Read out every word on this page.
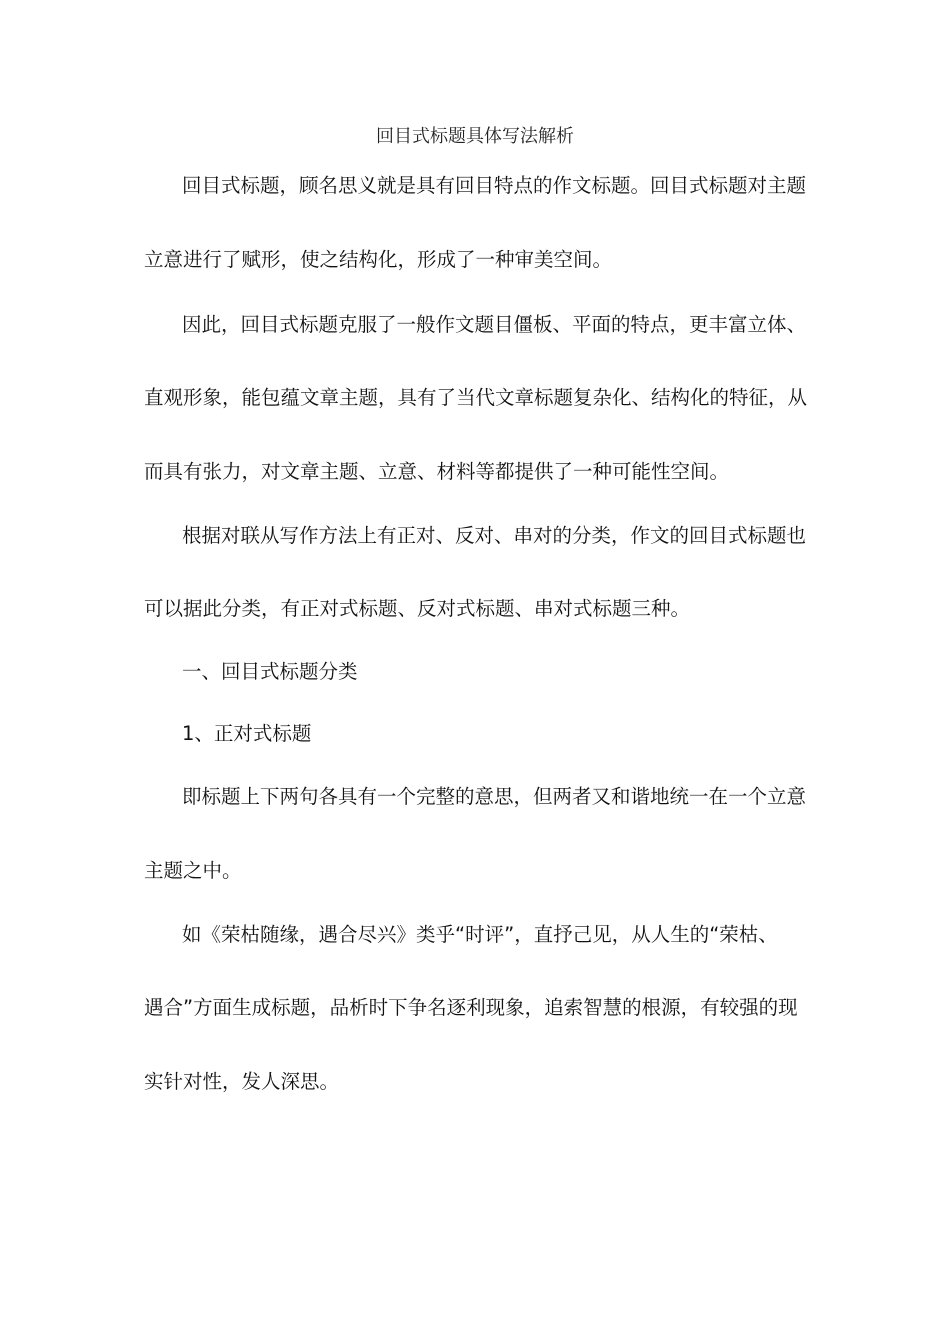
回目式标题具体写法解析
回目式标题，顾名思义就是具有回目特点的作文标题。回目式标题对主题
立意进行了赋形，使之结构化，形成了一种审美空间。
因此，回目式标题克服了一般作文题目僵板、平面的特点，更丰富立体、
直观形象，能包蕴文章主题，具有了当代文章标题复杂化、结构化的特征，从
而具有张力，对文章主题、立意、材料等都提供了一种可能性空间。
根据对联从写作方法上有正对、反对、串对的分类，作文的回目式标题也
可以据此分类，有正对式标题、反对式标题、串对式标题三种。
一、回目式标题分类
1、正对式标题
即标题上下两句各具有一个完整的意思，但两者又和谐地统一在一个立意
主题之中。
如《荣枯随缘，遇合尽兴》类乎“时评”，直抒己见，从人生的“荣枯、
遇合”方面生成标题，品析时下争名逐利现象，追索智慧的根源，有较强的现
实针对性，发人深思。
